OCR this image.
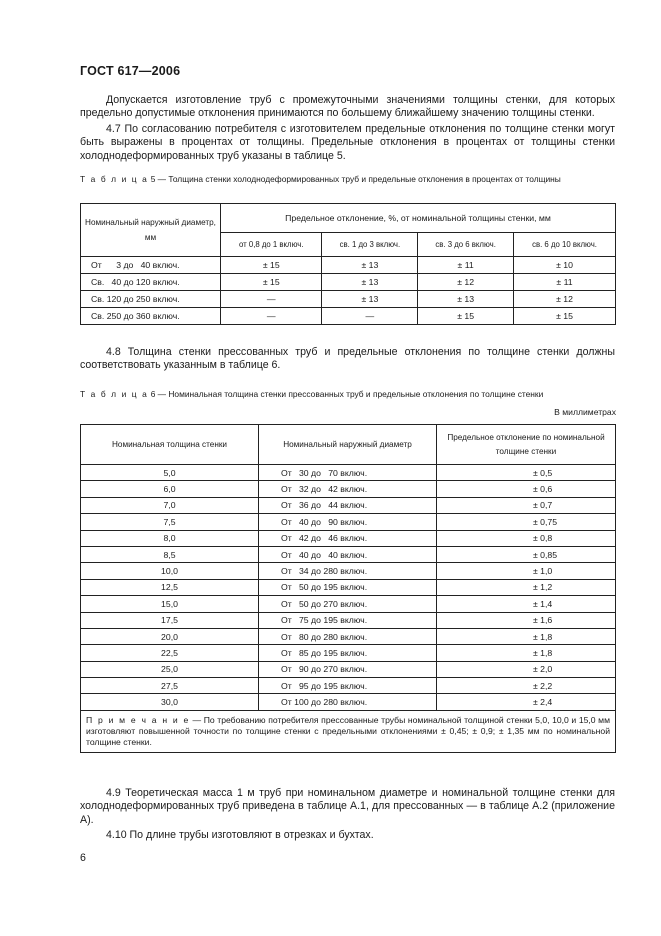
ГОСТ 617—2006

Допускается изготовление труб с промежуточными значениями толщины стенки, для которых предельно допустимые отклонения принимаются по большему ближайшему значению толщины стенки.

4.7 По согласованию потребителя с изготовителем предельные отклонения по толщине стенки могут быть выражены в процентах от толщины. Предельные отклонения в процентах от толщины стенки холоднодеформированных труб указаны в таблице 5.

Т а б л и ц а 5 — Толщина стенки холоднодеформированных труб и предельные отклонения в процентах от толщины
Номинальный наружный диаметр, мм	Предельное отклонение, %, от номинальной толщины стенки, мм			
	от 0,8 до 1 включ.	св. 1 до 3 включ.	св. 3 до 6 включ.	св. 6 до 10 включ.
От      3 до   40 включ.	± 15	± 13	± 11	± 10
Св.   40 до 120 включ.	± 15	± 13	± 12	± 11
Св. 120 до 250 включ.	—	± 13	± 13	± 12
Св. 250 до 360 включ.	—	—	± 15	± 15

4.8 Толщина стенки прессованных труб и предельные отклонения по толщине стенки должны соответствовать указанным в таблице 6.

Т а б л и ц а 6 — Номинальная толщина стенки прессованных труб и предельные отклонения по толщине стенки
В миллиметрах
Номинальная толщина стенки	Номинальный наружный диаметр	Предельное отклонение по номинальной толщине стенки
5,0	От   30 до   70 включ.	± 0,5
6,0	От   32 до   42 включ.	± 0,6
7,0	От   36 до   44 включ.	± 0,7
7,5	От   40 до   90 включ.	± 0,75
8,0	От   42 до   46 включ.	± 0,8
8,5	От   40 до   40 включ.	± 0,85
10,0	От   34 до 280 включ.	± 1,0
12,5	От   50 до 195 включ.	± 1,2
15,0	От   50 до 270 включ.	± 1,4
17,5	От   75 до 195 включ.	± 1,6
20,0	От   80 до 280 включ.	± 1,8
22,5	От   85 до 195 включ.	± 1,8
25,0	От   90 до 270 включ.	± 2,0
27,5	От   95 до 195 включ.	± 2,2
30,0	От 100 до 280 включ.	± 2,4
П р и м е ч а н и е — По требованию потребителя прессованные трубы номинальной толщиной стенки 5,0, 10,0 и 15,0 мм изготовляют повышенной точности по толщине стенки с предельными отклонениями ± 0,45; ± 0,9; ± 1,35 мм по номинальной толщине стенки.		

4.9 Теоретическая масса 1 м труб при номинальном диаметре и номинальной толщине стенки для холоднодеформированных труб приведена в таблице А.1, для прессованных — в таблице А.2 (приложение А).

4.10 По длине трубы изготовляют в отрезках и бухтах.

6
